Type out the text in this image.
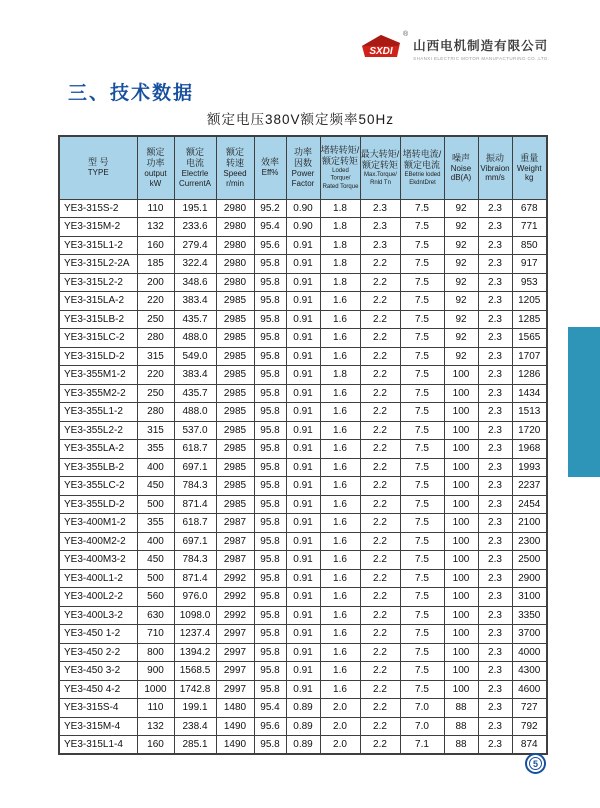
SXDI
®
山西电机制造有限公司
SHANXI ELECTRIC MOTOR MANUFACTURING CO.,LTD.
三、技术数据
额定电压380V额定频率50Hz
型 号
TYPE

额定
功率
output
kW

额定
电流
Electrle
CurrentA

额定
转速
Speed
r/min

效率
Eff%

功率
因数
Power
Factor

堵转转矩/
额定转矩
Loded Torque/
Rated Torque

最大转矩/
额定转矩
Max.Torque/
Rnld Tn

堵转电流/
额定电流
EBetrie loded
EkdntDret

噪声
Noise
dB(A)

振动
Vibraion
mm/s

重量
Weight
kg

YE3-315S-2	110	195.1	2980	95.2	0.90	1.8	2.3	7.5	92	2.3	678
YE3-315M-2	132	233.6	2980	95.4	0.90	1.8	2.3	7.5	92	2.3	771
YE3-315L1-2	160	279.4	2980	95.6	0.91	1.8	2.3	7.5	92	2.3	850
YE3-315L2-2A	185	322.4	2980	95.8	0.91	1.8	2.2	7.5	92	2.3	917
YE3-315L2-2	200	348.6	2980	95.8	0.91	1.8	2.2	7.5	92	2.3	953
YE3-315LA-2	220	383.4	2985	95.8	0.91	1.6	2.2	7.5	92	2.3	1205
YE3-315LB-2	250	435.7	2985	95.8	0.91	1.6	2.2	7.5	92	2.3	1285
YE3-315LC-2	280	488.0	2985	95.8	0.91	1.6	2.2	7.5	92	2.3	1565
YE3-315LD-2	315	549.0	2985	95.8	0.91	1.6	2.2	7.5	92	2.3	1707
YE3-355M1-2	220	383.4	2985	95.8	0.91	1.8	2.2	7.5	100	2.3	1286
YE3-355M2-2	250	435.7	2985	95.8	0.91	1.6	2.2	7.5	100	2.3	1434
YE3-355L1-2	280	488.0	2985	95.8	0.91	1.6	2.2	7.5	100	2.3	1513
YE3-355L2-2	315	537.0	2985	95.8	0.91	1.6	2.2	7.5	100	2.3	1720
YE3-355LA-2	355	618.7	2985	95.8	0.91	1.6	2.2	7.5	100	2.3	1968
YE3-355LB-2	400	697.1	2985	95.8	0.91	1.6	2.2	7.5	100	2.3	1993
YE3-355LC-2	450	784.3	2985	95.8	0.91	1.6	2.2	7.5	100	2.3	2237
YE3-355LD-2	500	871.4	2985	95.8	0.91	1.6	2.2	7.5	100	2.3	2454
YE3-400M1-2	355	618.7	2987	95.8	0.91	1.6	2.2	7.5	100	2.3	2100
YE3-400M2-2	400	697.1	2987	95.8	0.91	1.6	2.2	7.5	100	2.3	2300
YE3-400M3-2	450	784.3	2987	95.8	0.91	1.6	2.2	7.5	100	2.3	2500
YE3-400L1-2	500	871.4	2992	95.8	0.91	1.6	2.2	7.5	100	2.3	2900
YE3-400L2-2	560	976.0	2992	95.8	0.91	1.6	2.2	7.5	100	2.3	3100
YE3-400L3-2	630	1098.0	2992	95.8	0.91	1.6	2.2	7.5	100	2.3	3350
YE3-450 1-2	710	1237.4	2997	95.8	0.91	1.6	2.2	7.5	100	2.3	3700
YE3-450 2-2	800	1394.2	2997	95.8	0.91	1.6	2.2	7.5	100	2.3	4000
YE3-450 3-2	900	1568.5	2997	95.8	0.91	1.6	2.2	7.5	100	2.3	4300
YE3-450 4-2	1000	1742.8	2997	95.8	0.91	1.6	2.2	7.5	100	2.3	4600
YE3-315S-4	110	199.1	1480	95.4	0.89	2.0	2.2	7.0	88	2.3	727
YE3-315M-4	132	238.4	1490	95.6	0.89	2.0	2.2	7.0	88	2.3	792
YE3-315L1-4	160	285.1	1490	95.8	0.89	2.0	2.2	7.1	88	2.3	874
5
